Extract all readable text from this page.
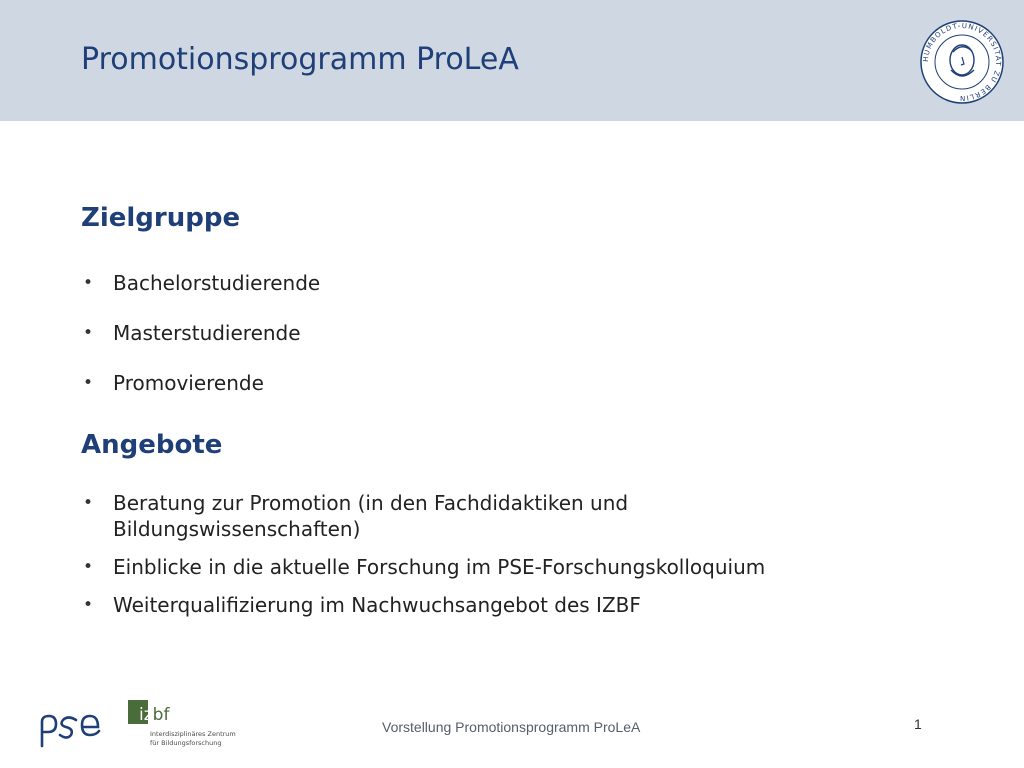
Promotionsprogramm ProLeA	HUMBOLDT-UNIVERSITÄT ZU BERLIN
Zielgruppe
• Bachelorstudierende
• Masterstudierende
• Promovierende
Angebote
• Beratung zur Promotion (in den Fachdidaktiken und Bildungswissenschaften)
• Einblicke in die aktuelle Forschung im PSE-Forschungskolloquium
• Weiterqualifizierung im Nachwuchsangebot des IZBF
izbf
Interdisziplinäres Zentrum
für Bildungsforschung
Vorstellung Promotionsprogramm ProLeA	1
